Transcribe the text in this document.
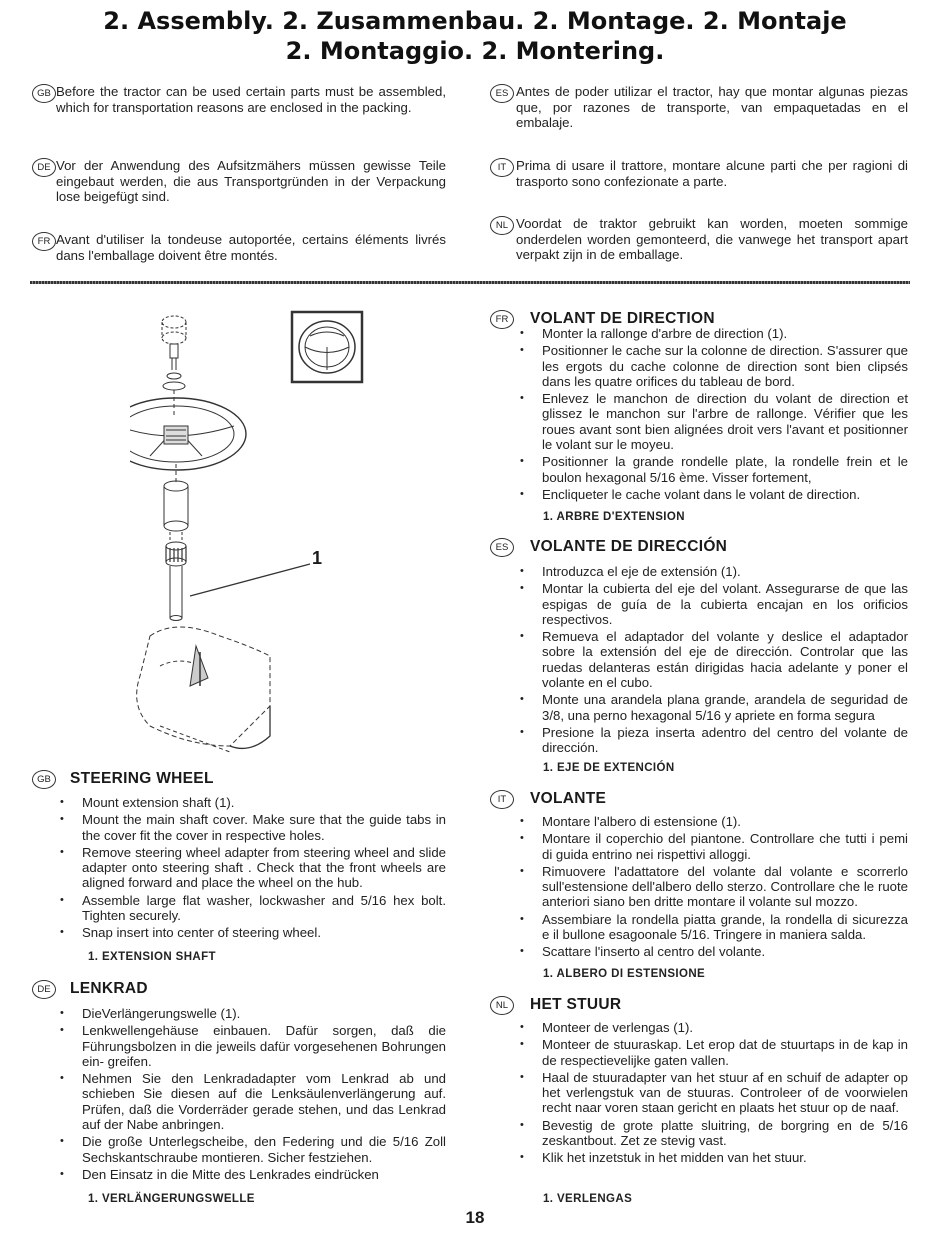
2. Assembly. 2. Zusammenbau. 2. Montage. 2. Montaje
2. Montaggio. 2. Montering.
GB Before the tractor can be used certain parts must be assembled, which for transportation reasons are enclosed in the packing.
DE Vor der Anwendung des Aufsitzmähers müssen gewisse Teile eingebaut werden, die aus Transportgründen in der Verpackung lose beigefügt sind.
FR Avant d'utiliser la tondeuse autoportée, certains éléments livrés dans l'emballage doivent être montés.
ES Antes de poder utilizar el tractor, hay que montar algunas piezas que, por razones de transporte, van empaquetadas en el embalaje.
IT Prima di usare il trattore, montare alcune parti che per ragioni di trasporto sono confezionate a parte.
NL Voordat de traktor gebruikt kan worden, moeten sommige onderdelen worden gemonteerd, die vanwege het transport apart verpakt zijn in de emballage.
1
GB	STEERING WHEEL
• Mount extension shaft (1).
• Mount the main shaft cover. Make sure that the guide tabs in the cover fit the cover in respective holes.
• Remove steering wheel adapter from steering wheel and slide adapter onto steering shaft . Check that the front wheels are aligned forward and place the wheel on the hub.
• Assemble large flat washer, lockwasher and 5/16 hex bolt. Tighten securely.
• Snap insert into center of steering wheel.
1. EXTENSION SHAFT
DE	LENKRAD
• DieVerlängerungswelle (1).
• Lenkwellengehäuse einbauen. Dafür sorgen, daß die Führungsbolzen in die jeweils dafür vorgesehenen Bohrungen ein- greifen.
• Nehmen Sie den Lenkradadapter vom Lenkrad ab und schieben Sie diesen auf die Lenksäulenverlängerung auf. Prüfen, daß die Vorderräder gerade stehen, und das Lenkrad auf der Nabe anbringen.
• Die große Unterlegscheibe, den Federing und die 5/16 Zoll Sechskantschraube montieren. Sicher festziehen.
• Den Einsatz in die Mitte des Lenkrades eindrücken
1. VERLÄNGERUNGSWELLE
FR	VOLANT DE DIRECTION
• Monter la rallonge d'arbre de direction (1).
• Positionner le cache sur la colonne de direction. S'assurer que les ergots du cache colonne de direction sont bien clipsés dans les quatre orifices du tableau de bord.
• Enlevez le manchon de direction du volant de direction et glissez le manchon sur l'arbre de rallonge. Vérifier que les roues avant sont bien alignées droit vers l'avant et positionner le volant sur le moyeu.
• Positionner la grande rondelle plate, la rondelle frein et le boulon hexagonal 5/16 ème. Visser fortement,
• Encliqueter le cache volant dans le volant de direction.
1. ARBRE D'EXTENSION
ES	VOLANTE DE DIRECCIÓN
• Introduzca el eje de extensión (1).
• Montar la cubierta del eje del volant. Assegurarse de que las espigas de guía de la cubierta encajan en los orificios respectivos.
• Remueva el adaptador del volante y deslice el adaptador sobre la extensión del eje de dirección. Controlar que las ruedas delanteras están dirigidas hacia adelante y poner el volante en el cubo.
• Monte una arandela plana grande, arandela de seguridad de 3/8, una perno hexagonal 5/16 y apriete en forma segura
• Presione la pieza inserta adentro del centro del volante de dirección.
1. EJE DE EXTENCIÓN
IT	VOLANTE
• Montare l'albero di estensione (1).
• Montare il coperchio del piantone. Controllare che tutti i pemi di guida entrino nei rispettivi alloggi.
• Rimuovere l'adattatore del volante dal volante e scorrerlo sull'estensione dell'albero dello sterzo. Controllare che le ruote anteriori siano ben dritte montare il volante sul mozzo.
• Assembiare la rondella piatta grande, la rondella di sicurezza e il bullone esagoonale 5/16. Tringere in maniera salda.
• Scattare l'inserto al centro del volante.
1. ALBERO DI ESTENSIONE
NL	HET STUUR
• Monteer de verlengas (1).
• Monteer de stuuraskap. Let erop dat de stuurtaps in de kap in de respectievelijke gaten vallen.
• Haal de stuuradapter van het stuur af en schuif de adapter op het verlengstuk van de stuuras. Controleer of de voorwielen recht naar voren staan gericht en plaats het stuur op de naaf.
• Bevestig de grote platte sluitring, de borgring en de 5/16 zeskantbout. Zet ze stevig vast.
• Klik het inzetstuk in het midden van het stuur.
1. VERLENGAS
18
